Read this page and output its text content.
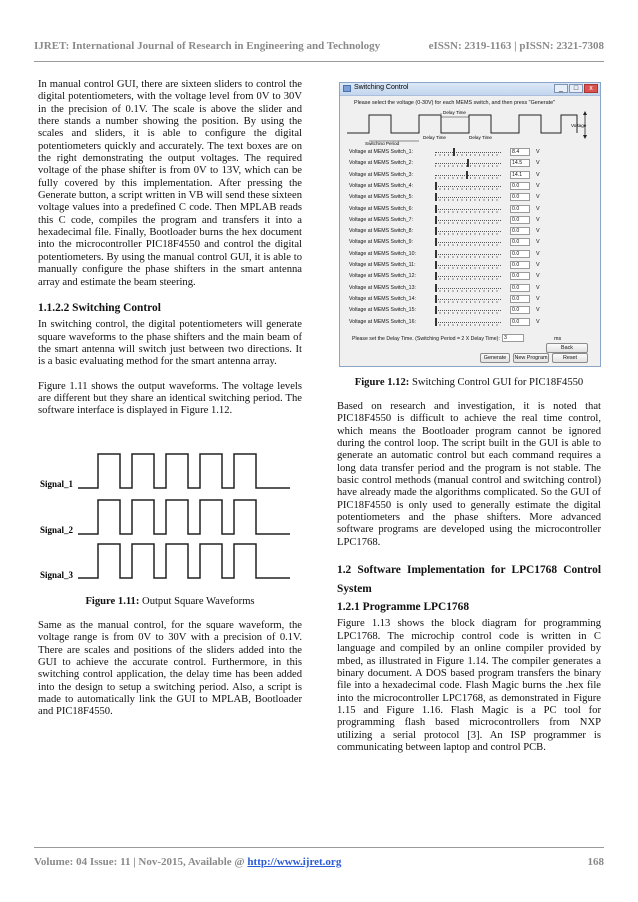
IJRET: International Journal of Research in Engineering and Technology	eISSN: 2319-1163 | pISSN: 2321-7308

In manual control GUI, there are sixteen sliders to control the digital potentiometers, with the voltage level from 0V to 30V in the precision of 0.1V. The scale is above the slider and there stands a number showing the position. By using the scales and sliders, it is able to configure the digital potentiometers quickly and accurately. The text boxes are on the right demonstrating the output voltages. The required voltage of the phase shifter is from 0V to 13V, which can be fully covered by this implementation. After pressing the Generate button, a script written in VB will send these sixteen voltage values into a predefined C code. Then MPLAB reads this C code, compiles the program and transfers it into a hexadecimal file. Finally, Bootloader burns the hex document into the microcontroller PIC18F4550 and control the digital potentiometers. By using the manual control GUI, it is able to manually configure the phase shifters in the smart antenna array and estimate the beam steering.

1.1.2.2 Switching Control

In switching control, the digital potentiometers will generate square waveforms to the phase shifters and the main beam of the smart antenna will switch just between two directions. It is a basic evaluating method for the smart antenna array.

Figure 1.11 shows the output waveforms. The voltage levels are different but they share an identical switching period. The software interface is displayed in Figure 1.12.

Signal_1
Signal_2
Signal_3
Figure 1.11: Output Square Waveforms

Same as the manual control, for the square waveform, the voltage range is from 0V to 30V with a precision of 0.1V. There are scales and positions of the sliders added into the GUI to achieve the accurate control. Furthermore, in this switching control application, the delay time has been added into the design to setup a switching period. Also, a script is made to automatically link the GUI to MPLAB, Bootloader and PIC18F4550.

Switching Control	_	□	x
Please select the voltage (0-30V) for each MEMS switch, and then press "Generate"
Delay Time
Delay Time	Delay Time
Switching Period
Voltage
Voltage at MEMS Switch_1:	8.4	V
Voltage at MEMS Switch_2:	14.5	V
Voltage at MEMS Switch_3:	14.1	V
Voltage at MEMS Switch_4:	0.0	V
Voltage at MEMS Switch_5:	0.0	V
Voltage at MEMS Switch_6:	0.0	V
Voltage at MEMS Switch_7:	0.0	V
Voltage at MEMS Switch_8:	0.0	V
Voltage at MEMS Switch_9:	0.0	V
Voltage at MEMS Switch_10:	0.0	V
Voltage at MEMS Switch_11:	0.0	V
Voltage at MEMS Switch_12:	0.0	V
Voltage at MEMS Switch_13:	0.0	V
Voltage at MEMS Switch_14:	0.0	V
Voltage at MEMS Switch_15:	0.0	V
Voltage at MEMS Switch_16:	0.0	V
Please set the Delay Time. (Switching Period = 2 X Delay Time): 3	ms
Back
Generate	New Program	Reset
Figure 1.12: Switching Control GUI for PIC18F4550

Based on research and investigation, it is noted that PIC18F4550 is difficult to achieve the real time control, which means the Bootloader program cannot be ignored during the control loop. The script built in the GUI is able to generate an automatic control but each command requires a long data transfer period and the program is not stable. The basic control methods (manual control and switching control) have already made the algorithms complicated. So the GUI of PIC18F4550 is only used to generally estimate the digital potentiometers and the phase shifters. More advanced software programs are developed using the microcontroller LPC1768.

1.2 Software Implementation for LPC1768 Control System

1.2.1 Programme LPC1768

Figure 1.13 shows the block diagram for programming LPC1768. The microchip control code is written in C language and compiled by an online compiler provided by mbed, as illustrated in Figure 1.14. The compiler generates a binary document. A DOS based program transfers the binary file into a hexadecimal code. Flash Magic burns the .hex file into the microcontroller LPC1768, as demonstrated in Figure 1.15 and Figure 1.16. Flash Magic is a PC tool for programming flash based microcontrollers from NXP utilizing a serial protocol [3]. An ISP programmer is communicating between laptop and control PCB.

Volume: 04 Issue: 11 | Nov-2015, Available @ http://www.ijret.org	168
